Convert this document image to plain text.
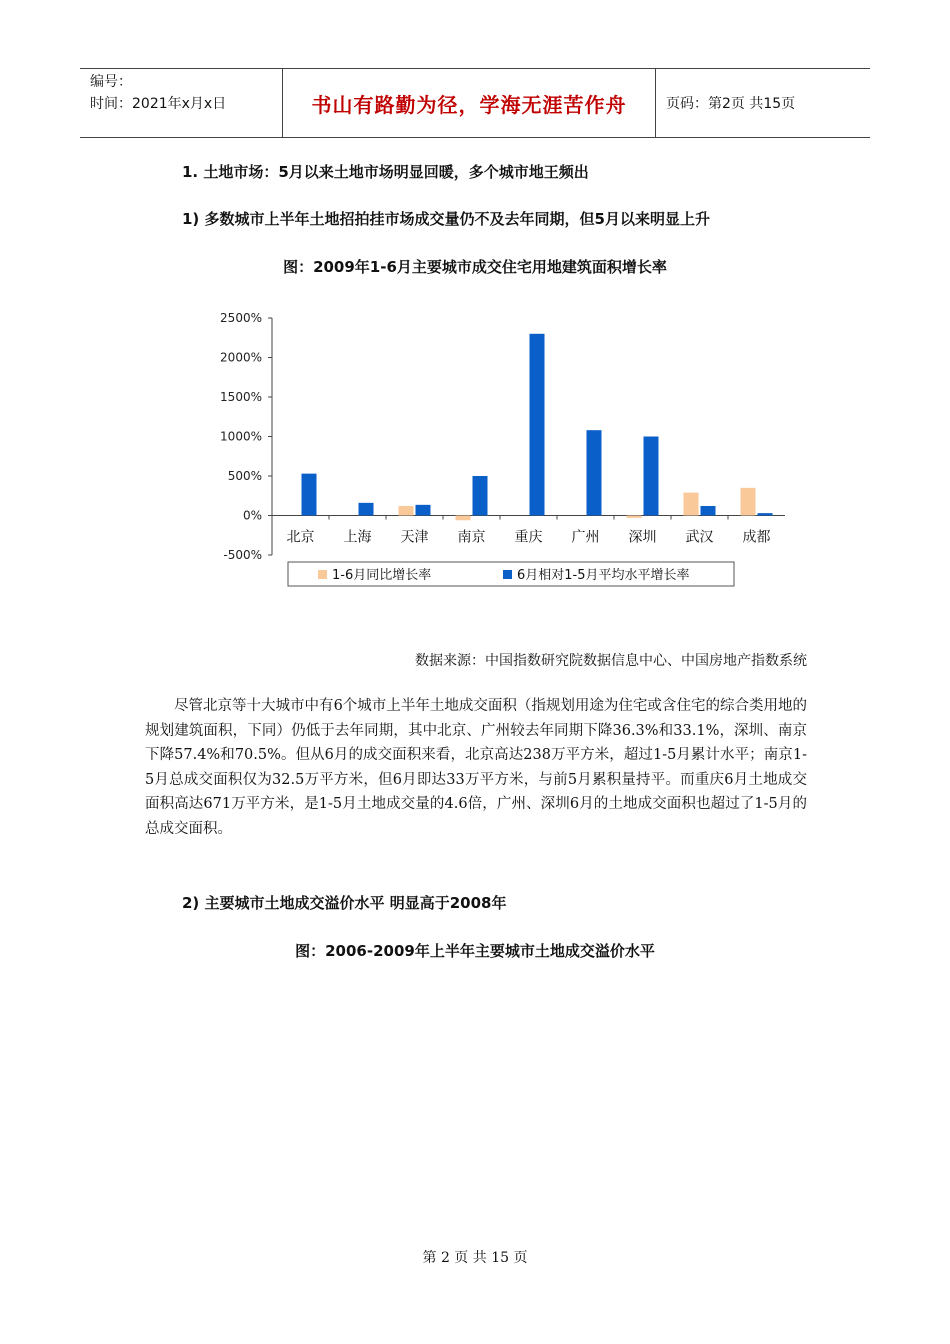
编号：
时间：2021年x月x日	书山有路勤为径，学海无涯苦作舟	页码：第2页 共15页
1. 土地市场：5月以来土地市场明显回暖，多个城市地王频出
1) 多数城市上半年土地招拍挂市场成交量仍不及去年同期，但5月以来明显上升
图：2009年1-6月主要城市成交住宅用地建筑面积增长率
-500%
0%
500%
1000%
1500%
2000%
2500%
北京 上海 天津 南京 重庆 广州 深圳 武汉 成都
1-6月同比增长率	6月相对1-5月平均水平增长率
数据来源：中国指数研究院数据信息中心、中国房地产指数系统
尽管北京等十大城市中有6个城市上半年土地成交面积（指规划用途为住宅或含住宅的综合类用地的规划建筑面积，下同）仍低于去年同期，其中北京、广州较去年同期下降36.3%和33.1%，深圳、南京下降57.4%和70.5%。但从6月的成交面积来看，北京高达238万平方米，超过1-5月累计水平；南京1-5月总成交面积仅为32.5万平方米，但6月即达33万平方米，与前5月累积量持平。而重庆6月土地成交面积高达671万平方米，是1-5月土地成交量的4.6倍，广州、深圳6月的土地成交面积也超过了1-5月的总成交面积。
2) 主要城市土地成交溢价水平 明显高于2008年
图：2006-2009年上半年主要城市土地成交溢价水平
第 2 页 共 15 页
